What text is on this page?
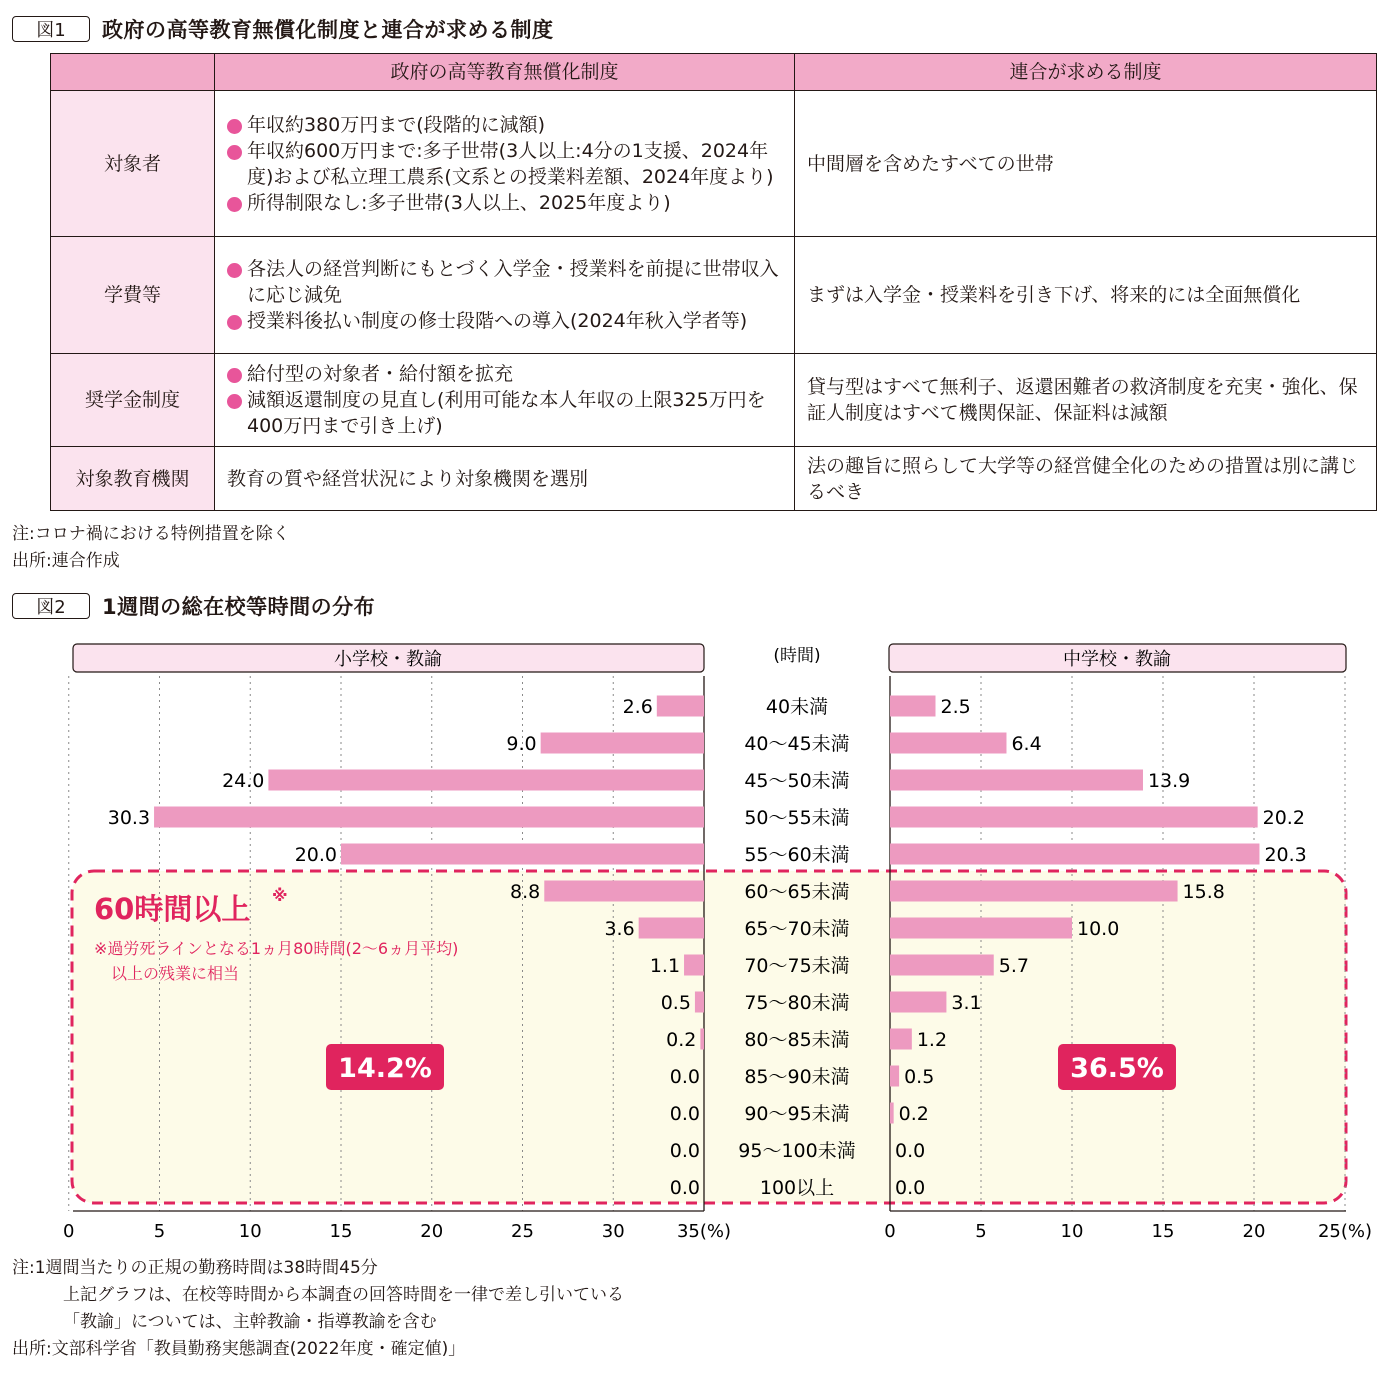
図1	政府の高等教育無償化制度と連合が求める制度
	政府の高等教育無償化制度	連合が求める制度
対象者	年収約380万円まで(段階的に減額)
年収約600万円まで:多子世帯(3人以上:4分の1支援、2024年度)および私立理工農系(文系との授業料差額、2024年度より)
所得制限なし:多子世帯(3人以上、2025年度より)	中間層を含めたすべての世帯
学費等	各法人の経営判断にもとづく入学金・授業料を前提に世帯収入に応じ減免
授業料後払い制度の修士段階への導入(2024年秋入学者等)	まずは入学金・授業料を引き下げ、将来的には全面無償化
奨学金制度	給付型の対象者・給付額を拡充
減額返還制度の見直し(利用可能な本人年収の上限325万円を400万円まで引き上げ)	貸与型はすべて無利子、返還困難者の救済制度を充実・強化、保証人制度はすべて機関保証、保証料は減額
対象教育機関	教育の質や経営状況により対象機関を選別	法の趣旨に照らして大学等の経営健全化のための措置は別に講じるべき
注:コロナ禍における特例措置を除く
出所:連合作成
図2	1週間の総在校等時間の分布
小学校・教諭	中学校・教諭
(時間)
2.6	2.5
40未満
9.0	6.4
40〜45未満
24.0	13.9
45〜50未満
30.3	20.2
50〜55未満
20.0	20.3
55〜60未満
8.8	15.8
60〜65未満
3.6	10.0
65〜70未満
1.1	5.7
70〜75未満
0.5	3.1
75〜80未満
0.2	1.2
80〜85未満
0.0	0.5
85〜90未満
0.0	0.2
90〜95未満
0.0	0.0
95〜100未満
0.0	0.0
100以上
35(%)
30
25
20
15
10
5
0	0	5	10	15	20	25(%)
60時間以上 ※
※過労死ラインとなる1ヵ月80時間(2〜6ヵ月平均)
以上の残業に相当
14.2%	36.5%
注:1週間当たりの正規の勤務時間は38時間45分
上記グラフは、在校等時間から本調査の回答時間を一律で差し引いている
「教諭」については、主幹教諭・指導教諭を含む
出所:文部科学省「教員勤務実態調査(2022年度・確定値)」
